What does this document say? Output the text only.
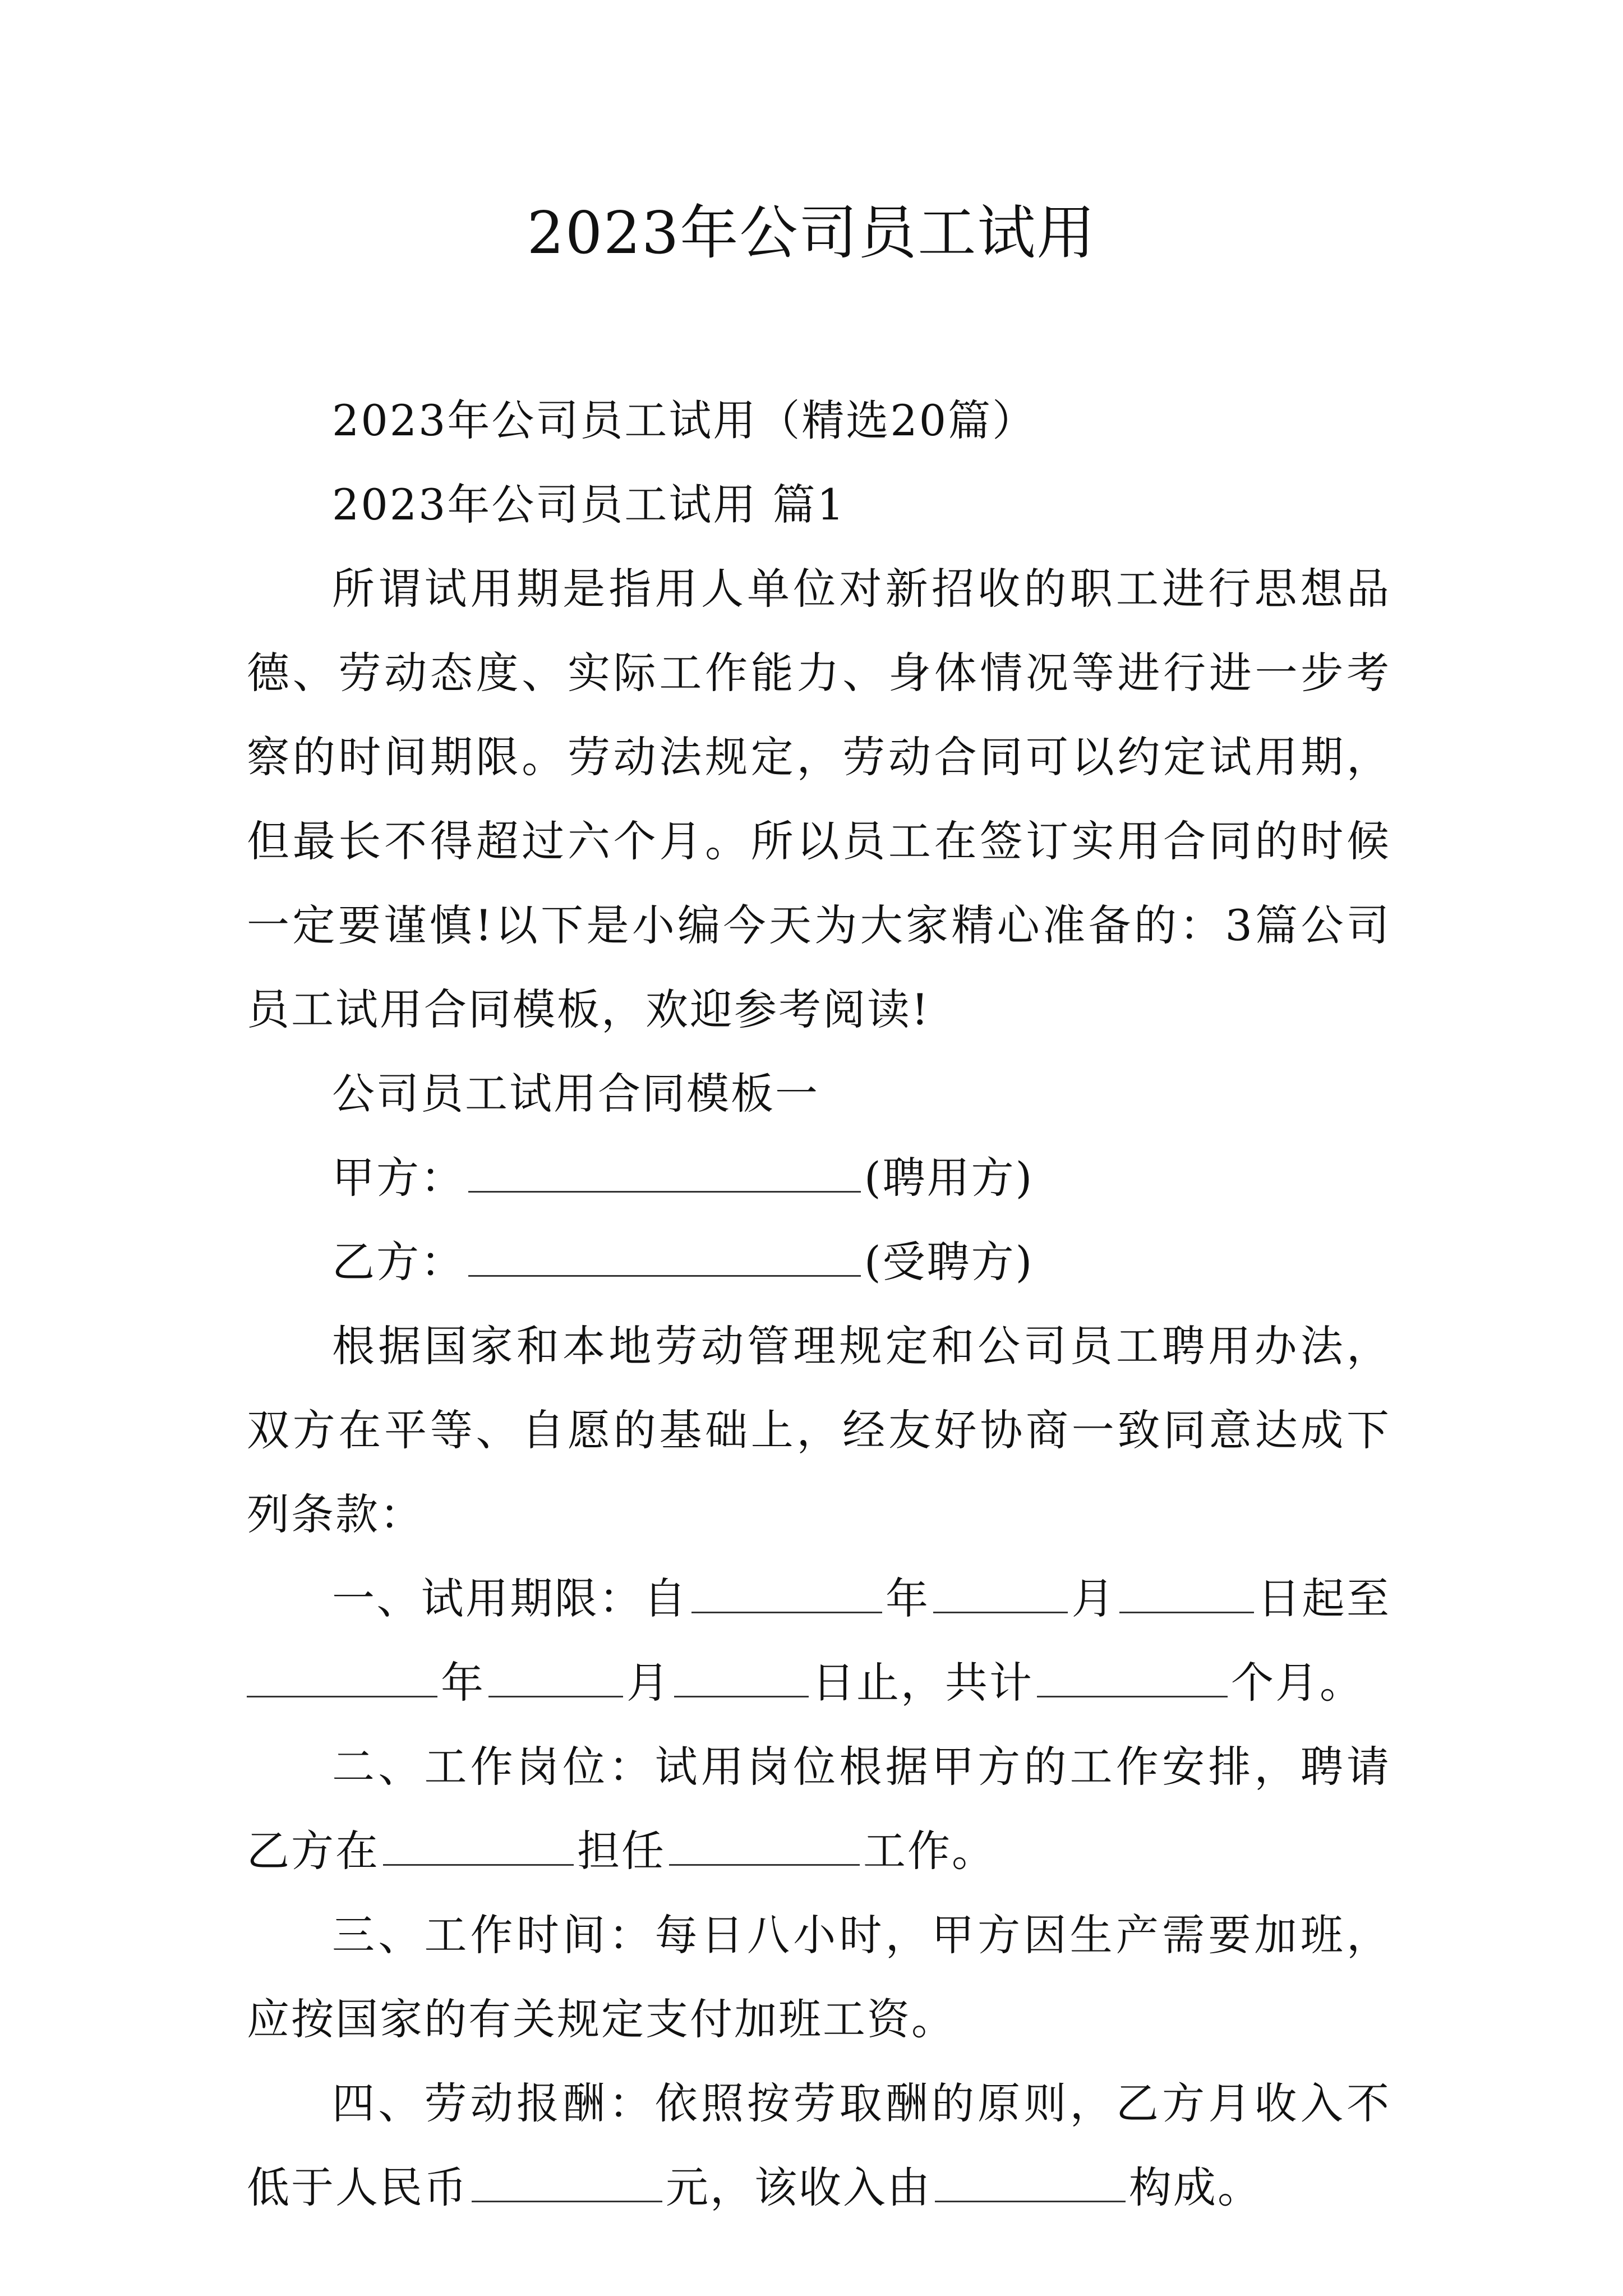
2023年公司员工试用

2023年公司员工试用（精选20篇）

2023年公司员工试用 篇1

所谓试用期是指用人单位对新招收的职工进行思想品德、劳动态度、实际工作能力、身体情况等进行进一步考察的时间期限。劳动法规定，劳动合同可以约定试用期，但最长不得超过六个月。所以员工在签订实用合同的时候一定要谨慎!以下是小编今天为大家精心准备的：3篇公司员工试用合同模板，欢迎参考阅读!

公司员工试用合同模板一

甲方：	(聘用方)

乙方：	(受聘方)

根据国家和本地劳动管理规定和公司员工聘用办法，双方在平等、自愿的基础上，经友好协商一致同意达成下列条款：

一、试用期限：自	年	月	日起至年	月	日止，共计	个月。

二、工作岗位：试用岗位根据甲方的工作安排，聘请乙方在	担任	工作。

三、工作时间：每日八小时，甲方因生产需要加班，应按国家的有关规定支付加班工资。

四、劳动报酬：依照按劳取酬的原则，乙方月收入不低于人民币	元，该收入由	构成。
